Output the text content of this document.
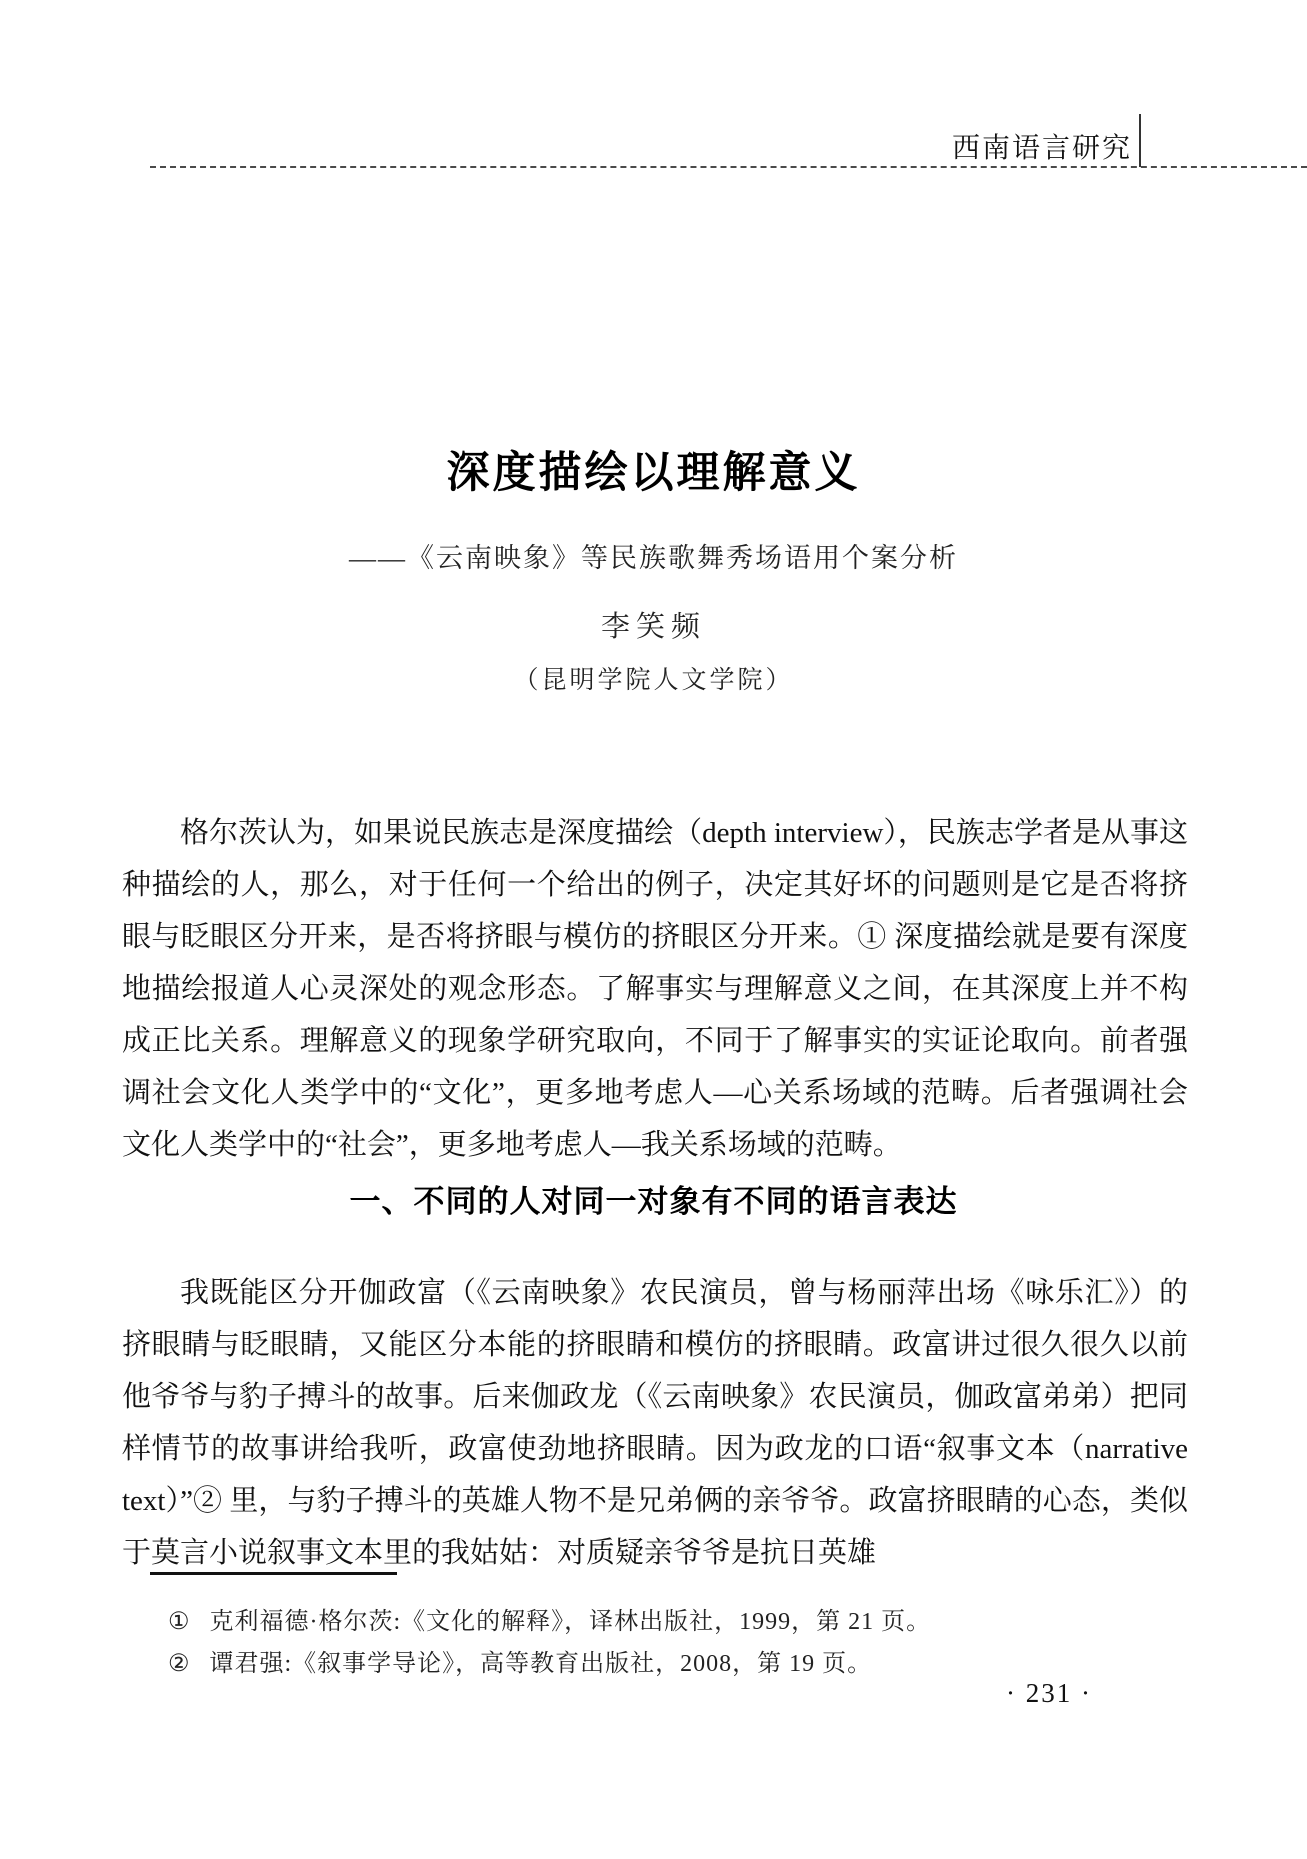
西南语言研究
深度描绘以理解意义
——《云南映象》等民族歌舞秀场语用个案分析
李笑频
（昆明学院人文学院）

格尔茨认为，如果说民族志是深度描绘（depth interview），民族志学者是从事这种描绘的人，那么，对于任何一个给出的例子，决定其好坏的问题则是它是否将挤眼与眨眼区分开来，是否将挤眼与模仿的挤眼区分开来。① 深度描绘就是要有深度地描绘报道人心灵深处的观念形态。了解事实与理解意义之间，在其深度上并不构成正比关系。理解意义的现象学研究取向，不同于了解事实的实证论取向。前者强调社会文化人类学中的“文化”，更多地考虑人—心关系场域的范畴。后者强调社会文化人类学中的“社会”，更多地考虑人—我关系场域的范畴。

一、不同的人对同一对象有不同的语言表达

我既能区分开伽政富（《云南映象》农民演员，曾与杨丽萍出场《咏乐汇》）的挤眼睛与眨眼睛，又能区分本能的挤眼睛和模仿的挤眼睛。政富讲过很久很久以前他爷爷与豹子搏斗的故事。后来伽政龙（《云南映象》农民演员，伽政富弟弟）把同样情节的故事讲给我听，政富使劲地挤眼睛。因为政龙的口语“叙事文本（narrative text）”② 里，与豹子搏斗的英雄人物不是兄弟俩的亲爷爷。政富挤眼睛的心态，类似于莫言小说叙事文本里的我姑姑：对质疑亲爷爷是抗日英雄

① 克利福德·格尔茨:《文化的解释》，译林出版社，1999，第 21 页。
② 谭君强:《叙事学导论》，高等教育出版社，2008，第 19 页。
· 231 ·
